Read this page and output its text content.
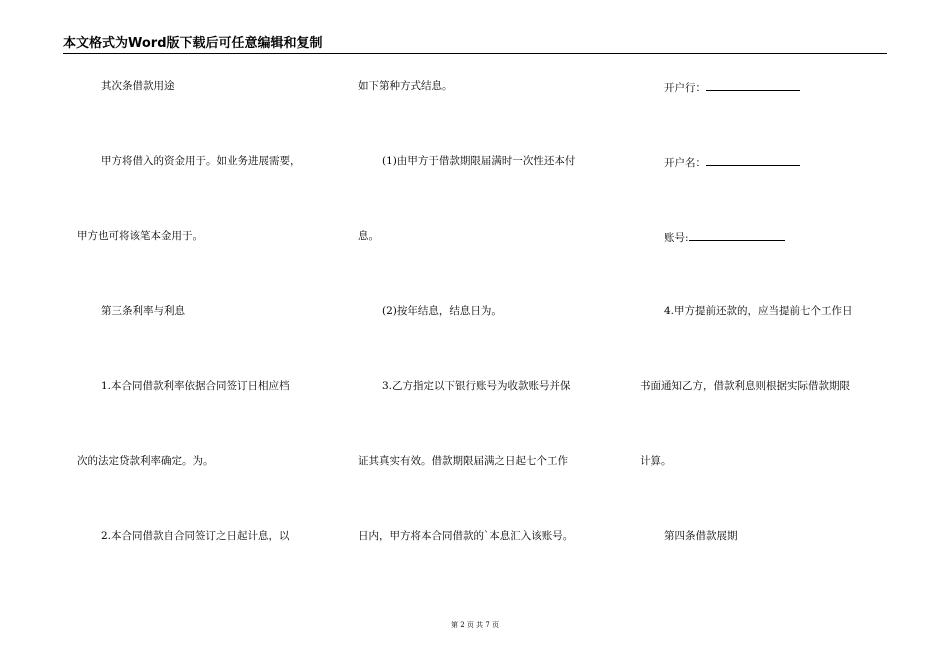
本文格式为Word版下载后可任意编辑和复制
其次条借款用途
甲方将借入的资金用于。如业务进展需要，
甲方也可将该笔本金用于。
第三条利率与利息
1.本合同借款利率依据合同签订日相应档
次的法定贷款利率确定。为。
2.本合同借款自合同签订之日起计息，以
如下第种方式结息。
(1)由甲方于借款期限届满时一次性还本付
息。
(2)按年结息，结息日为。
3.乙方指定以下银行账号为收款账号并保
证其真实有效。借款期限届满之日起七个工作
日内，甲方将本合同借款的`本息汇入该账号。
开户行：
开户名：
账号:
4.甲方提前还款的，应当提前七个工作日
书面通知乙方，借款利息则根据实际借款期限
计算。
第四条借款展期
第 2 页 共 7 页
